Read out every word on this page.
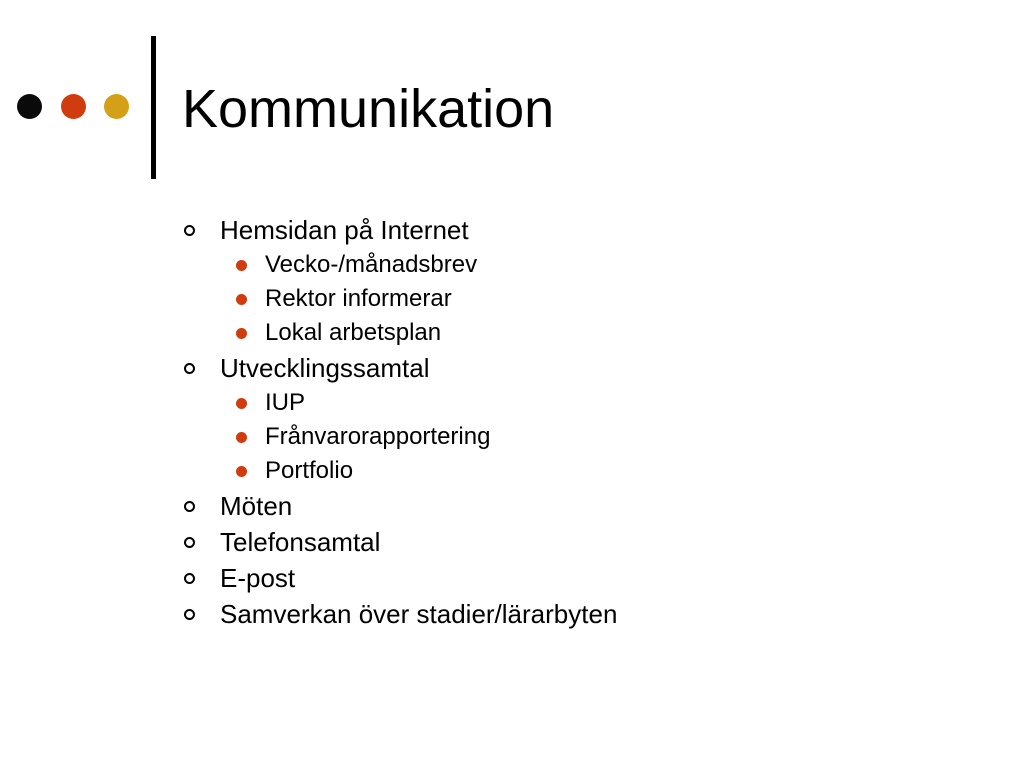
Kommunikation
Hemsidan på Internet
Vecko-/månadsbrev
Rektor informerar
Lokal arbetsplan
Utvecklingssamtal
IUP
Frånvarorapportering
Portfolio
Möten
Telefonsamtal
E-post
Samverkan över stadier/lärarbyten
